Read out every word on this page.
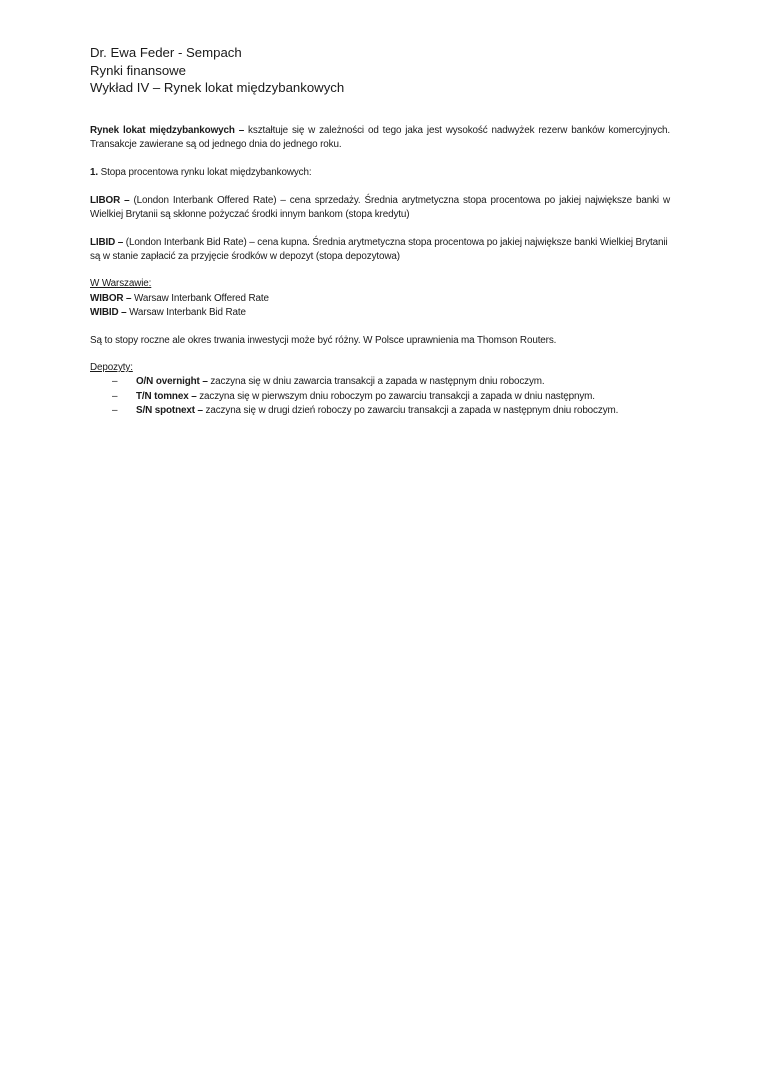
Dr. Ewa Feder - Sempach
Rynki finansowe
Wykład IV – Rynek lokat międzybankowych

Rynek lokat międzybankowych – kształtuje się w zależności od tego jaka jest wysokość nadwyżek rezerw banków komercyjnych. Transakcje zawierane są od jednego dnia do jednego roku.

1. Stopa procentowa rynku lokat międzybankowych:

LIBOR – (London Interbank Offered Rate) – cena sprzedaży. Średnia arytmetyczna stopa procentowa po jakiej największe banki w Wielkiej Brytanii są skłonne pożyczać środki innym bankom (stopa kredytu)

LIBID – (London Interbank Bid Rate) – cena kupna. Średnia arytmetyczna stopa procentowa po jakiej największe banki Wielkiej Brytanii są w stanie zapłacić za przyjęcie środków w depozyt (stopa depozytowa)

W Warszawie:

WIBOR – Warsaw Interbank Offered Rate

WIBID – Warsaw Interbank Bid Rate

Są to stopy roczne ale okres trwania inwestycji może być różny. W Polsce uprawnienia ma Thomson Routers.

Depozyty:

– O/N overnight – zaczyna się w dniu zawarcia transakcji a zapada w następnym dniu roboczym.
– T/N tomnex – zaczyna się w pierwszym dniu roboczym po zawarciu transakcji a zapada w dniu następnym.
– S/N spotnext – zaczyna się w drugi dzień roboczy po zawarciu transakcji a zapada w następnym dniu roboczym.
